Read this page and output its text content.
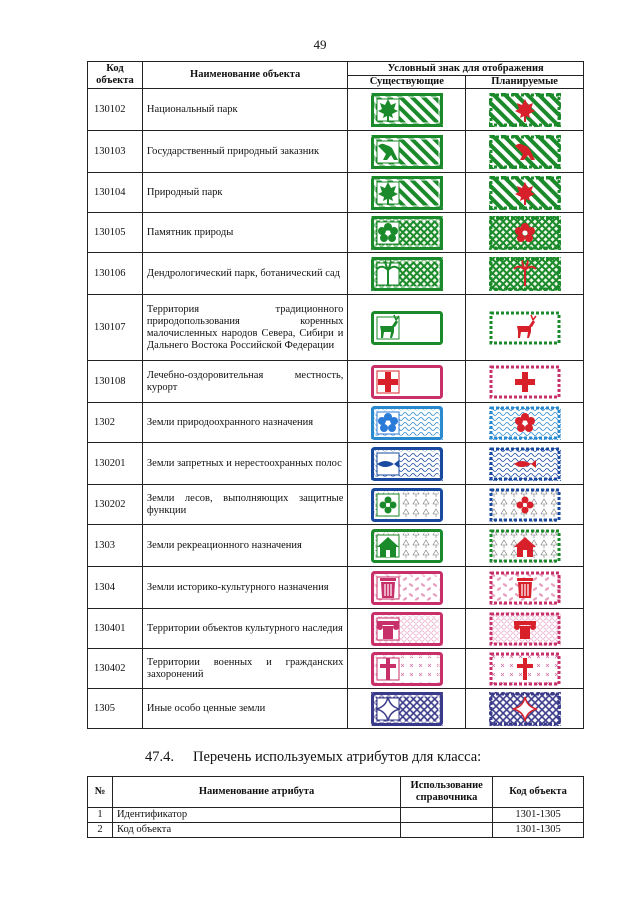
49
Код объекта	Наименование объекта	Условный знак для отображения	
		Существующие	Планируемые
130102	Национальный парк	

130103	Государственный природный заказник	

130104	Природный парк	

130105	Памятник природы	

130106	Дендрологический парк, ботанический сад	

130107	Территория традиционного природопользования коренных малочисленных народов Севера, Сибири и Дальнего Востока Российской Федерации	

130108	Лечебно-оздоровительная местность, курорт	

1302	Земли природоохранного назначения	

130201	Земли запретных и нерестоохранных полос	

130202	Земли лесов, выполняющих защитные функции	

1303	Земли рекреационного назначения	

1304	Земли историко-культурного назначения	

130401	Территории объектов культурного наследия	

130402	Территории военных и гражданских захоронений	

1305	Иные особо ценные земли	

47.4. Перечень используемых атрибутов для класса:
№	Наименование атрибута	Использование справочника	Код объекта
1	Идентификатор		1301-1305
2	Код объекта		1301-1305
